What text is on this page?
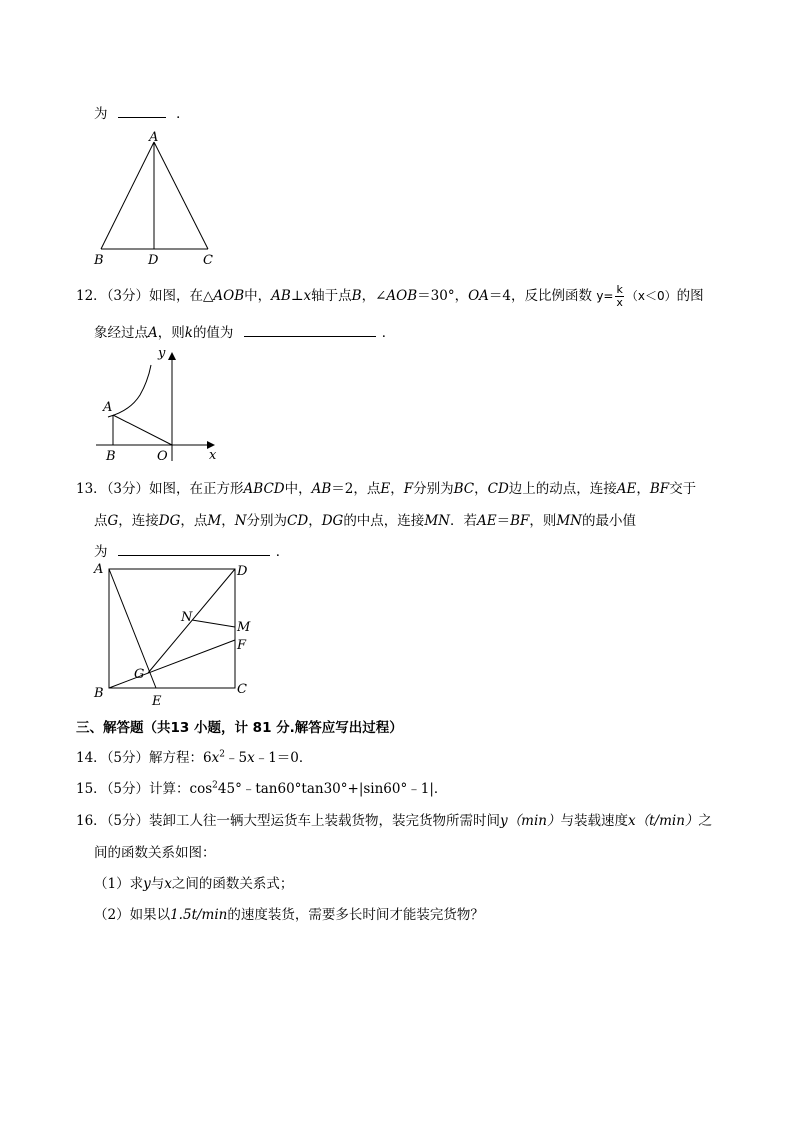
为	．
A
B	D	C
12．（3分）如图，在△AOB中，AB⊥x轴于点B，∠AOB＝30°，OA＝4，反比例函数 $y= \frac{k}{x} (x<0)$的图
象经过点A，则k的值为	．
y
A
B	O	x
13．（3分）如图，在正方形ABCD中，AB＝2，点E，F分别为BC，CD边上的动点，连接AE，BF交于
点G，连接DG，点M，N分别为CD，DG的中点，连接MN．若AE＝BF，则MN的最小值
为	．
A	D
N
M
F
G
B	C
E
三、解答题（共13 小题，计 81 分.解答应写出过程）
14．（5分）解方程：$6x^2﹣5x﹣1=0$．
15．（5分）计算：$\cos^245^\circ﹣\tan 60^\circ\tan 30^\circ+|\sin 60^\circ﹣1|$．
16．（5分）装卸工人往一辆大型运货车上装载货物，装完货物所需时间y（min）与装载速度x（t/min）之
间的函数关系如图：
（1）求y与x之间的函数关系式；
（2）如果以1.5t/min的速度装货，需要多长时间才能装完货物？
